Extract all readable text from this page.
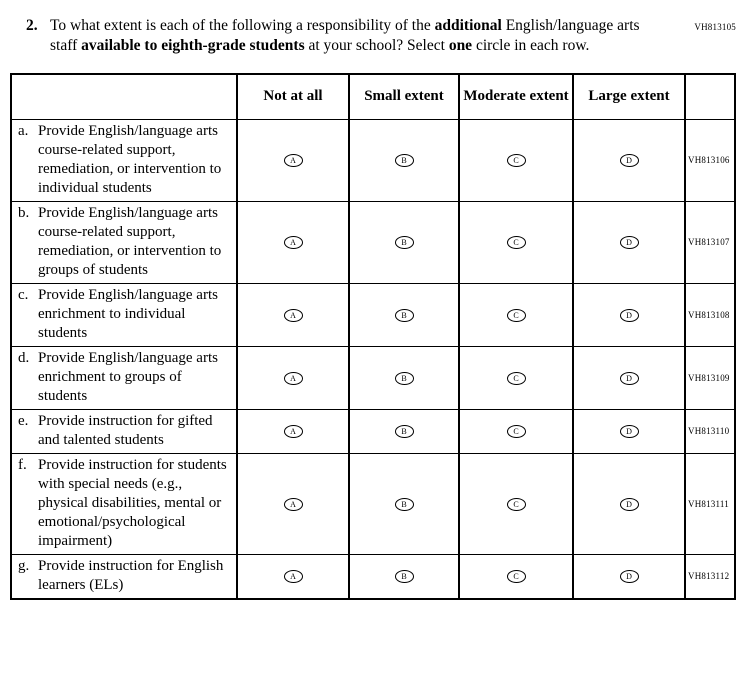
VH813105
2. To what extent is each of the following a responsibility of the additional English/language arts staff available to eighth-grade students at your school? Select one circle in each row.
	Not at all	Small extent	Moderate extent	Large extent	

a. Provide English/language arts course-related support, remediation, or intervention to individual students	A	B	C	D	VH813106

b. Provide English/language arts course-related support, remediation, or intervention to groups of students	A	B	C	D	VH813107

c. Provide English/language arts enrichment to individual students	A	B	C	D	VH813108

d. Provide English/language arts enrichment to groups of students	A	B	C	D	VH813109

e. Provide instruction for gifted and talented students	A	B	C	D	VH813110

f. Provide instruction for students with special needs (e.g., physical disabilities, mental or emotional/psychological impairment)	A	B	C	D	VH813111

g. Provide instruction for English learners (ELs)	A	B	C	D	VH813112
